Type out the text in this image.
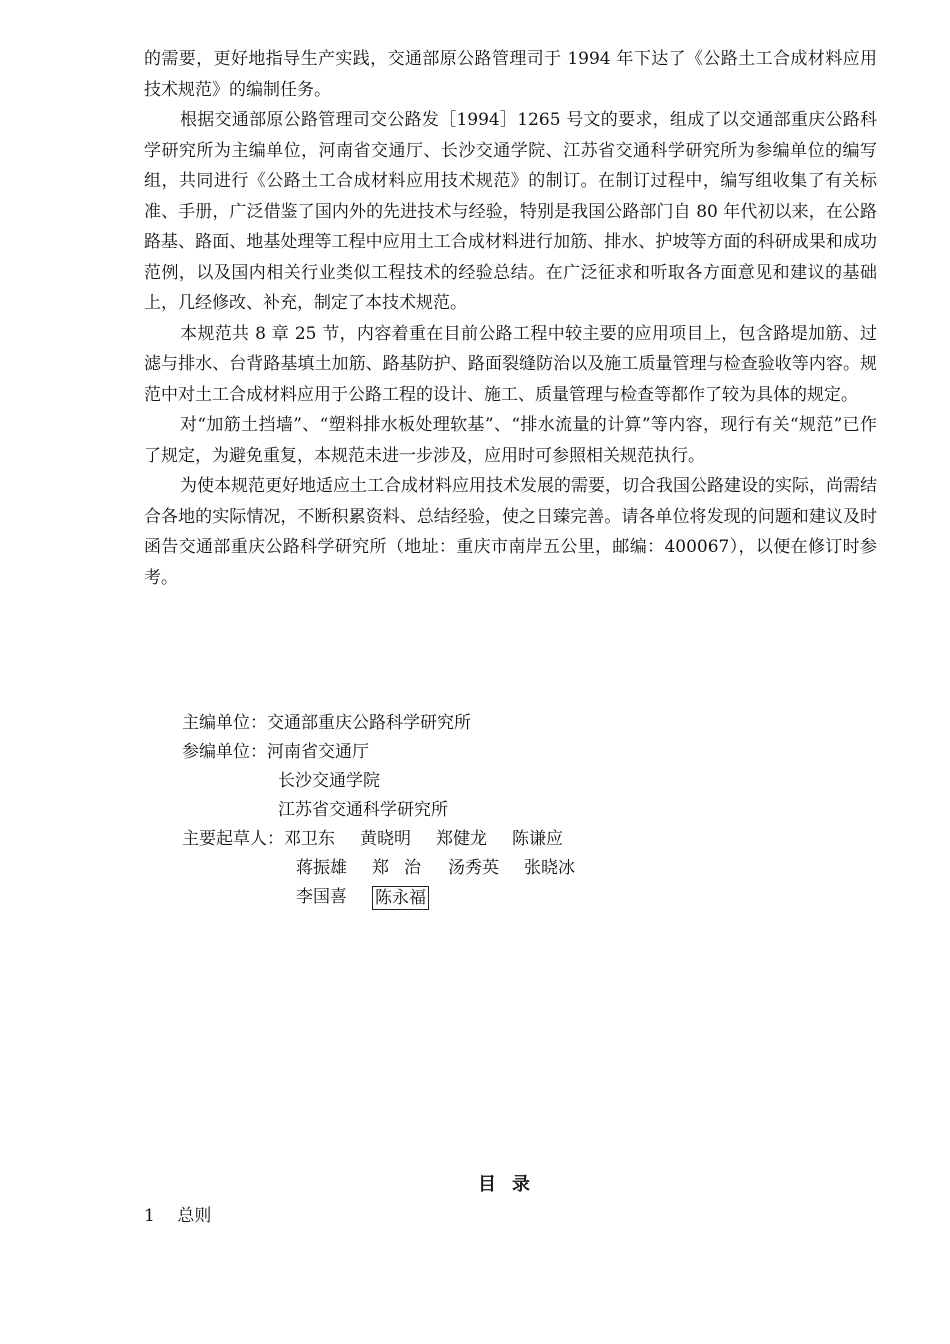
的需要，更好地指导生产实践，交通部原公路管理司于 1994 年下达了《公路土工合成材料应用技术规范》的编制任务。

根据交通部原公路管理司交公路发［1994］1265 号文的要求，组成了以交通部重庆公路科学研究所为主编单位，河南省交通厅、长沙交通学院、江苏省交通科学研究所为参编单位的编写组，共同进行《公路土工合成材料应用技术规范》的制订。在制订过程中，编写组收集了有关标准、手册，广泛借鉴了国内外的先进技术与经验，特别是我国公路部门自 80 年代初以来，在公路路基、路面、地基处理等工程中应用土工合成材料进行加筋、排水、护坡等方面的科研成果和成功范例，以及国内相关行业类似工程技术的经验总结。在广泛征求和听取各方面意见和建议的基础上，几经修改、补充，制定了本技术规范。

本规范共 8 章 25 节，内容着重在目前公路工程中较主要的应用项目上，包含路堤加筋、过滤与排水、台背路基填土加筋、路基防护、路面裂缝防治以及施工质量管理与检查验收等内容。规范中对土工合成材料应用于公路工程的设计、施工、质量管理与检查等都作了较为具体的规定。

对“加筋土挡墙”、“塑料排水板处理软基”、“排水流量的计算”等内容，现行有关“规范”已作了规定，为避免重复，本规范未进一步涉及，应用时可参照相关规范执行。

为使本规范更好地适应土工合成材料应用技术发展的需要，切合我国公路建设的实际，尚需结合各地的实际情况，不断积累资料、总结经验，使之日臻完善。请各单位将发现的问题和建议及时函告交通部重庆公路科学研究所（地址：重庆市南岸五公里，邮编：400067），以便在修订时参考。

主编单位： 交通部重庆公路科学研究所
参编单位： 河南省交通厅
长沙交通学院
江苏省交通科学研究所
主要起草人： 邓卫东	黄晓明	郑健龙	陈谦应
蒋振雄	郑治 汤秀英	张晓冰
李国喜	陈永福
目录
1 总则
